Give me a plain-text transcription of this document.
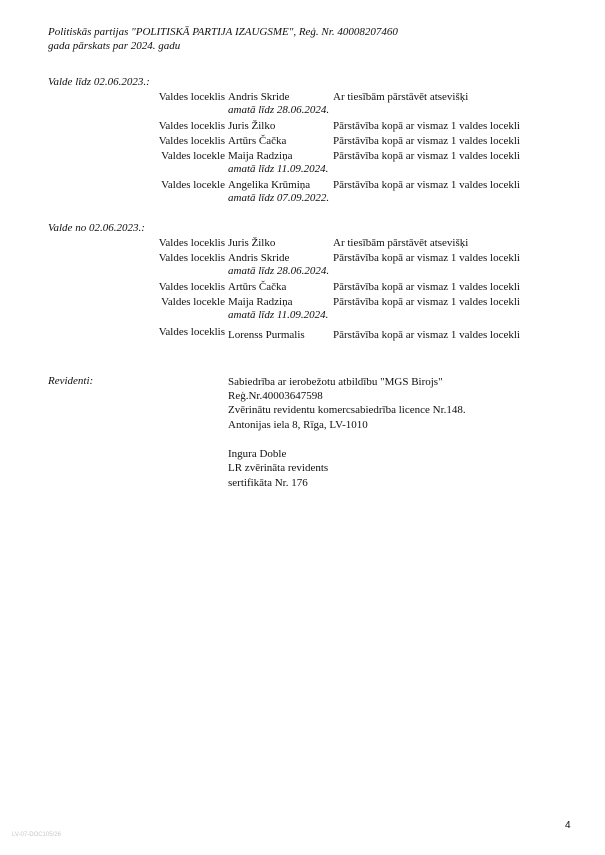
Politiskās partijas "POLITISKĀ PARTIJA IZAUGSME", Reģ. Nr. 40008207460
gada pārskats par 2024. gadu
Valde līdz 02.06.2023.:
Valdes loceklis Andris Skride	Ar tiesībām pārstāvēt atsevišķi
amatā līdz 28.06.2024.
Valdes loceklis Juris Žilko	Pārstāvība kopā ar vismaz 1 valdes locekli
Valdes loceklis Artūrs Čačka	Pārstāvība kopā ar vismaz 1 valdes locekli
Valdes locekle Maija Radziņa	Pārstāvība kopā ar vismaz 1 valdes locekli
amatā līdz 11.09.2024.
Valdes locekle Angelika Krūmiņa Pārstāvība kopā ar vismaz 1 valdes locekli
amatā līdz 07.09.2022.
Valde no 02.06.2023.:
Valdes loceklis Juris Žilko	Ar tiesībām pārstāvēt atsevišķi
Valdes loceklis Andris Skride	Pārstāvība kopā ar vismaz 1 valdes locekli
amatā līdz 28.06.2024.
Valdes loceklis Artūrs Čačka	Pārstāvība kopā ar vismaz 1 valdes locekli
Valdes locekle Maija Radziņa	Pārstāvība kopā ar vismaz 1 valdes locekli
amatā līdz 11.09.2024.
Valdes loceklis Lorenss Purmalis	Pārstāvība kopā ar vismaz 1 valdes locekli
Revidenti:	Sabiedrība ar ierobežotu atbildību "MGS Birojs"
Reģ.Nr.40003647598
Zvērinātu revidentu komercsabiedrība licence Nr.148.
Antonijas iela 8, Rīga, LV-1010
Ingura Doble
LR zvērināta revidents
sertifikāta Nr. 176
4
LV-07-DOC105/26
